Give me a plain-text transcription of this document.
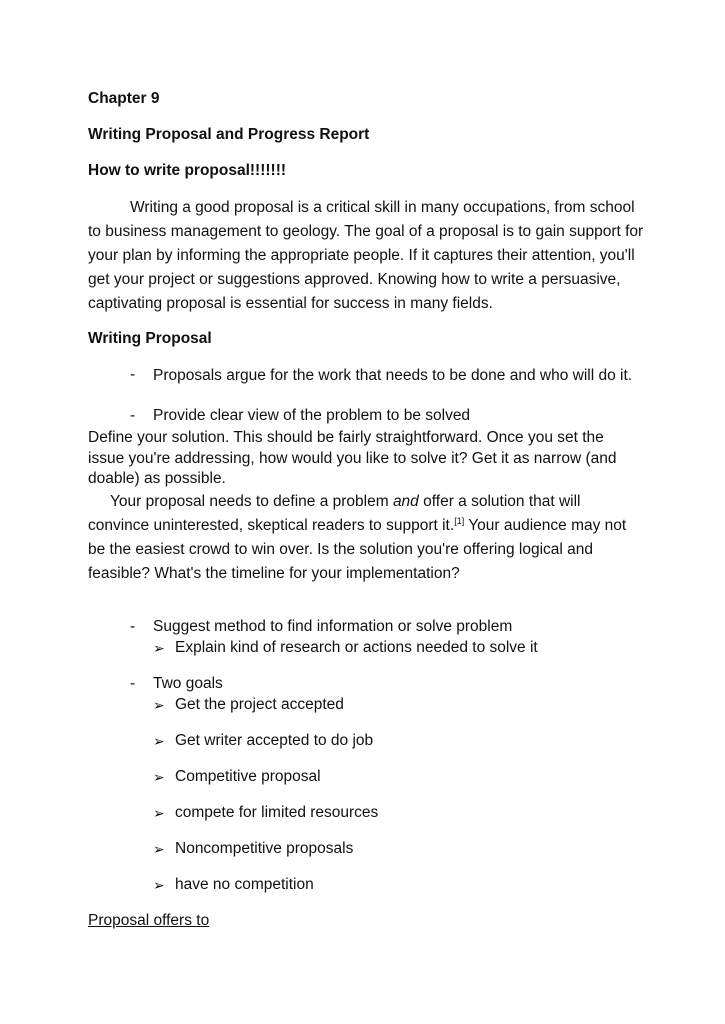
Chapter 9
Writing Proposal and Progress Report
How to write proposal!!!!!!!
Writing a good proposal is a critical skill in many occupations, from school to business management to geology. The goal of a proposal is to gain support for your plan by informing the appropriate people. If it captures their attention, you'll get your project or suggestions approved. Knowing how to write a persuasive, captivating proposal is essential for success in many fields.
Writing Proposal
- Proposals argue for the work that needs to be done and who will do it.
- Provide clear view of the problem to be solved
Define your solution. This should be fairly straightforward. Once you set the issue you're addressing, how would you like to solve it? Get it as narrow (and doable) as possible.
Your proposal needs to define a problem and offer a solution that will convince uninterested, skeptical readers to support it.[1] Your audience may not be the easiest crowd to win over. Is the solution you're offering logical and feasible? What's the timeline for your implementation?
- Suggest method to find information or solve problem
➢ Explain kind of research or actions needed to solve it
- Two goals
➢ Get the project accepted
➢ Get writer accepted to do job
➢ Competitive proposal
➢ compete for limited resources
➢ Noncompetitive proposals
➢ have no competition
Proposal offers to
